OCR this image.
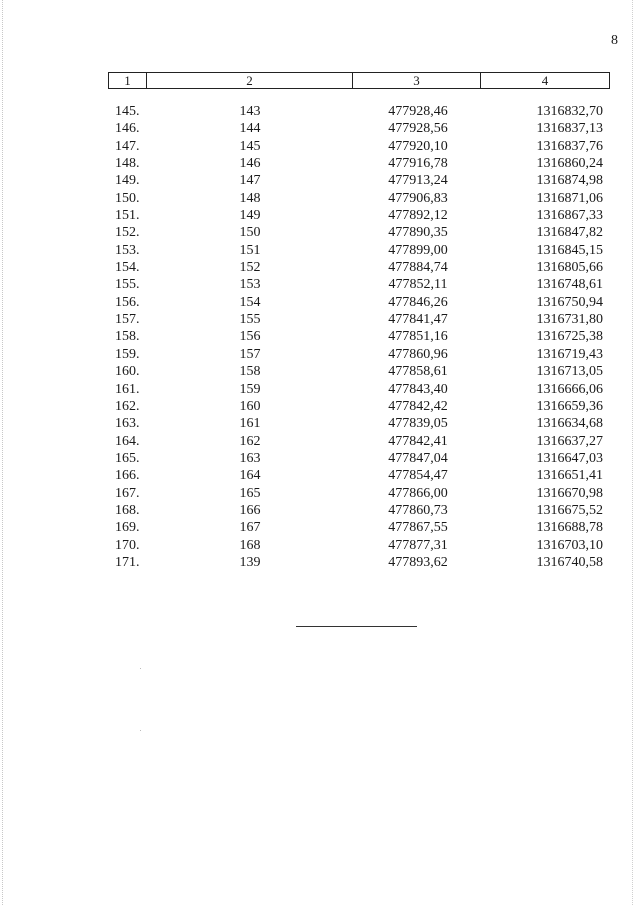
8
1	2	3	4
145.	143	477928,46	1316832,70
146.	144	477928,56	1316837,13
147.	145	477920,10	1316837,76
148.	146	477916,78	1316860,24
149.	147	477913,24	1316874,98
150.	148	477906,83	1316871,06
151.	149	477892,12	1316867,33
152.	150	477890,35	1316847,82
153.	151	477899,00	1316845,15
154.	152	477884,74	1316805,66
155.	153	477852,11	1316748,61
156.	154	477846,26	1316750,94
157.	155	477841,47	1316731,80
158.	156	477851,16	1316725,38
159.	157	477860,96	1316719,43
160.	158	477858,61	1316713,05
161.	159	477843,40	1316666,06
162.	160	477842,42	1316659,36
163.	161	477839,05	1316634,68
164.	162	477842,41	1316637,27
165.	163	477847,04	1316647,03
166.	164	477854,47	1316651,41
167.	165	477866,00	1316670,98
168.	166	477860,73	1316675,52
169.	167	477867,55	1316688,78
170.	168	477877,31	1316703,10
171.	139	477893,62	1316740,58
